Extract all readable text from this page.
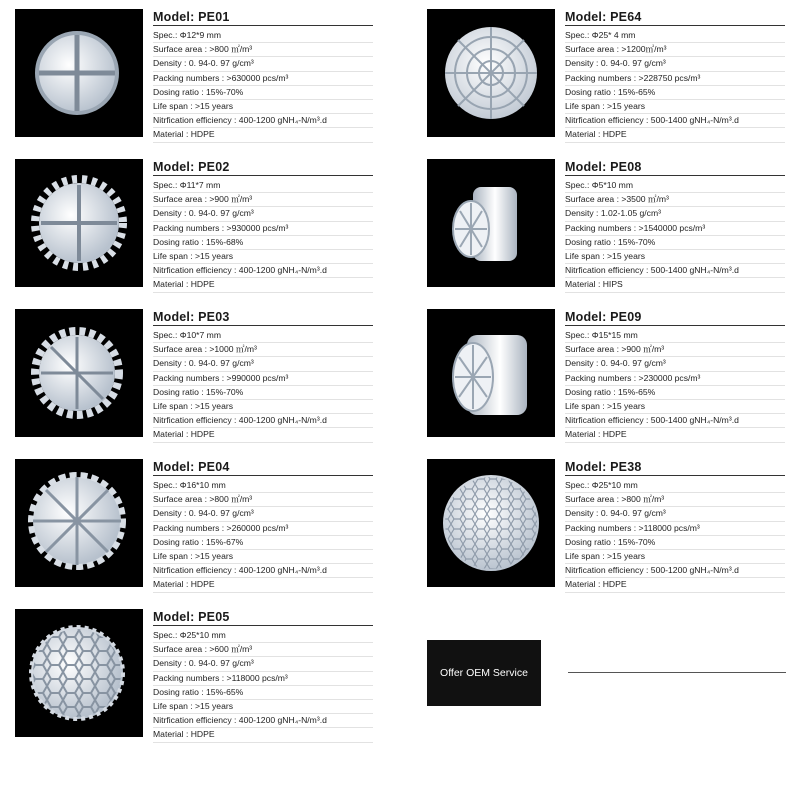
Model: PE01
Spec.: Φ12*9 mm
Surface area : >800 ㎡/m³
Density : 0. 94-0. 97 g/cm³
Packing numbers : >630000 pcs/m³
Dosing ratio : 15%-70%
Life span : >15 years
Nitrfication efficiency : 400-1200 gNH₄-N/m³.d
Material : HDPE
Model: PE64
Spec.: Φ25* 4 mm
Surface area : >1200㎡/m³
Density : 0. 94-0. 97 g/cm³
Packing numbers : >228750 pcs/m³
Dosing ratio : 15%-65%
Life span : >15 years
Nitrfication efficiency : 500-1400 gNH₄-N/m³.d
Material : HDPE
Model: PE02
Spec.: Φ11*7 mm
Surface area : >900 ㎡/m³
Density : 0. 94-0. 97 g/cm³
Packing numbers : >930000 pcs/m³
Dosing ratio : 15%-68%
Life span : >15 years
Nitrfication efficiency : 400-1200 gNH₄-N/m³.d
Material : HDPE
Model: PE08
Spec.: Φ5*10 mm
Surface area : >3500 ㎡/m³
Density : 1.02-1.05 g/cm³
Packing numbers : >1540000 pcs/m³
Dosing ratio : 15%-70%
Life span : >15 years
Nitrfication efficiency : 500-1400 gNH₄-N/m³.d
Material : HIPS
Model: PE03
Spec.: Φ10*7 mm
Surface area : >1000 ㎡/m³
Density : 0. 94-0. 97 g/cm³
Packing numbers : >990000 pcs/m³
Dosing ratio : 15%-70%
Life span : >15 years
Nitrfication efficiency : 400-1200 gNH₄-N/m³.d
Material : HDPE
Model: PE09
Spec.: Φ15*15 mm
Surface area : >900 ㎡/m³
Density : 0. 94-0. 97 g/cm³
Packing numbers : >230000 pcs/m³
Dosing ratio : 15%-65%
Life span : >15 years
Nitrfication efficiency : 500-1400 gNH₄-N/m³.d
Material : HDPE
Model: PE04
Spec.: Φ16*10 mm
Surface area : >800 ㎡/m³
Density : 0. 94-0. 97 g/cm³
Packing numbers : >260000 pcs/m³
Dosing ratio : 15%-67%
Life span : >15 years
Nitrfication efficiency : 400-1200 gNH₄-N/m³.d
Material : HDPE
Model: PE38
Spec.: Φ25*10 mm
Surface area : >800 ㎡/m³
Density : 0. 94-0. 97 g/cm³
Packing numbers : >118000 pcs/m³
Dosing ratio : 15%-70%
Life span : >15 years
Nitrfication efficiency : 500-1200 gNH₄-N/m³.d
Material : HDPE
Model: PE05
Spec.: Φ25*10 mm
Surface area : >600 ㎡/m³
Density : 0. 94-0. 97 g/cm³
Packing numbers : >118000 pcs/m³
Dosing ratio : 15%-65%
Life span : >15 years
Nitrfication efficiency : 400-1200 gNH₄-N/m³.d
Material : HDPE
Offer OEM Service
